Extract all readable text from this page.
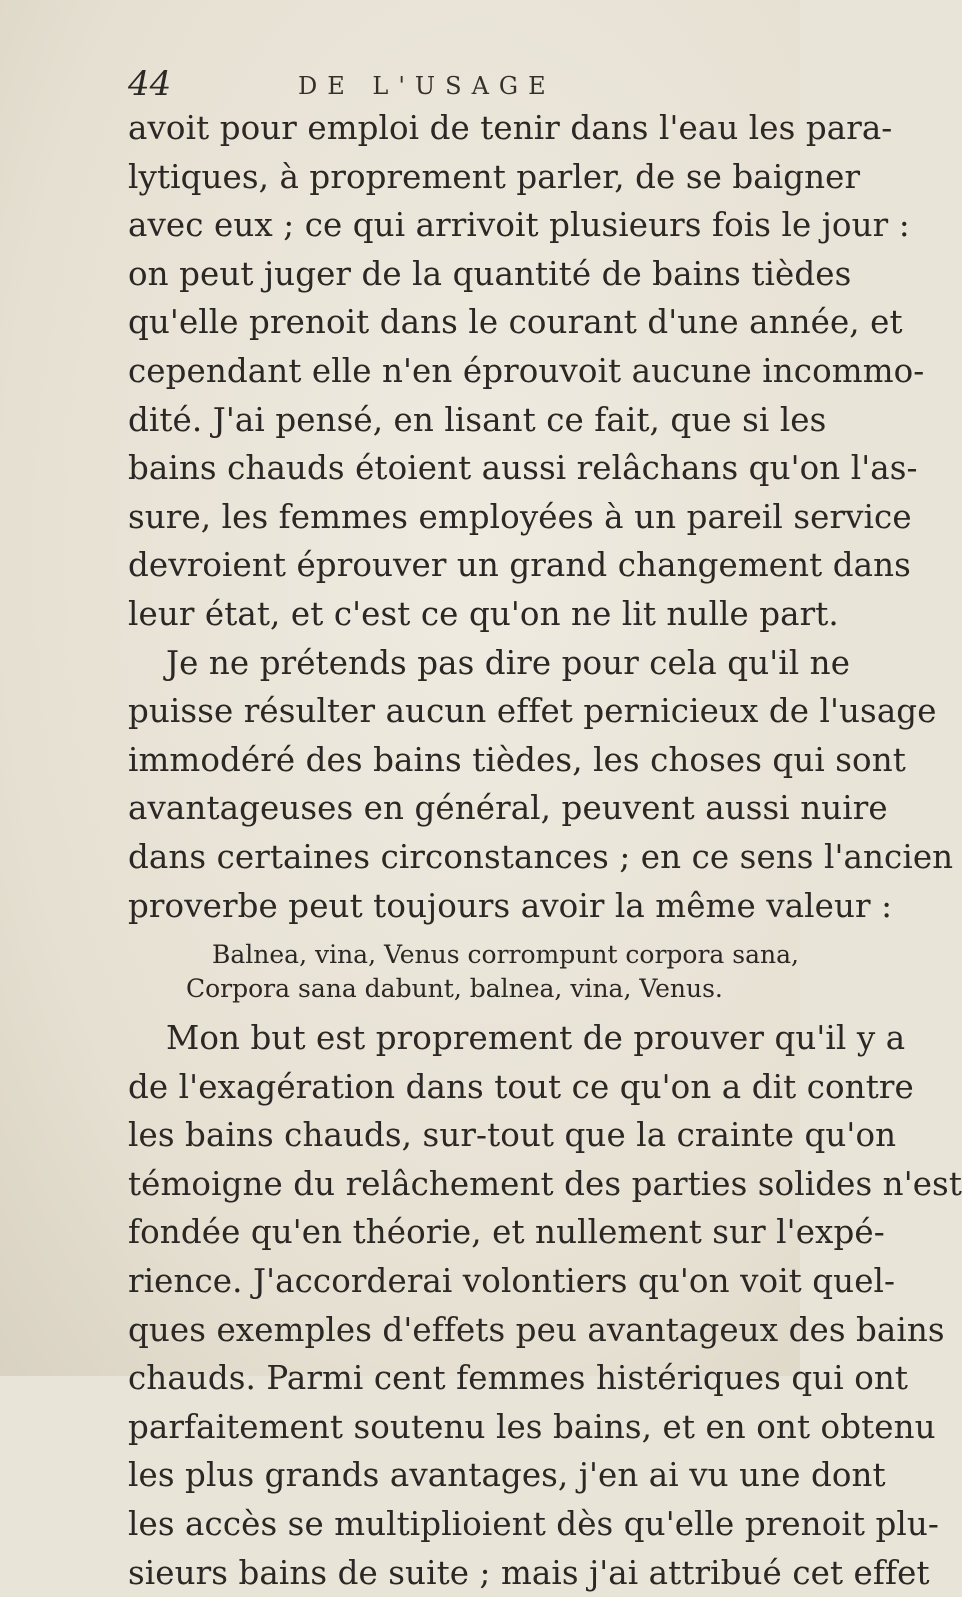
44	DE L'USAGE
avoit pour emploi de tenir dans l'eau les para-
lytiques, à proprement parler, de se baigner
avec eux ; ce qui arrivoit plusieurs fois le jour :
on peut juger de la quantité de bains tièdes
qu'elle prenoit dans le courant d'une année, et
cependant elle n'en éprouvoit aucune incommo-
dité. J'ai pensé, en lisant ce fait, que si les
bains chauds étoient aussi relâchans qu'on l'as-
sure, les femmes employées à un pareil service
devroient éprouver un grand changement dans
leur état, et c'est ce qu'on ne lit nulle part.
Je ne prétends pas dire pour cela qu'il ne
puisse résulter aucun effet pernicieux de l'usage
immodéré des bains tièdes, les choses qui sont
avantageuses en général, peuvent aussi nuire
dans certaines circonstances ; en ce sens l'ancien
proverbe peut toujours avoir la même valeur :
Balnea, vina, Venus corrompunt corpora sana,
Corpora sana dabunt, balnea, vina, Venus.
Mon but est proprement de prouver qu'il y a
de l'exagération dans tout ce qu'on a dit contre
les bains chauds, sur-tout que la crainte qu'on
témoigne du relâchement des parties solides n'est
fondée qu'en théorie, et nullement sur l'expé-
rience. J'accorderai volontiers qu'on voit quel-
ques exemples d'effets peu avantageux des bains
chauds. Parmi cent femmes histériques qui ont
parfaitement soutenu les bains, et en ont obtenu
les plus grands avantages, j'en ai vu une dont
les accès se multiplioient dès qu'elle prenoit plu-
sieurs bains de suite ; mais j'ai attribué cet effet
